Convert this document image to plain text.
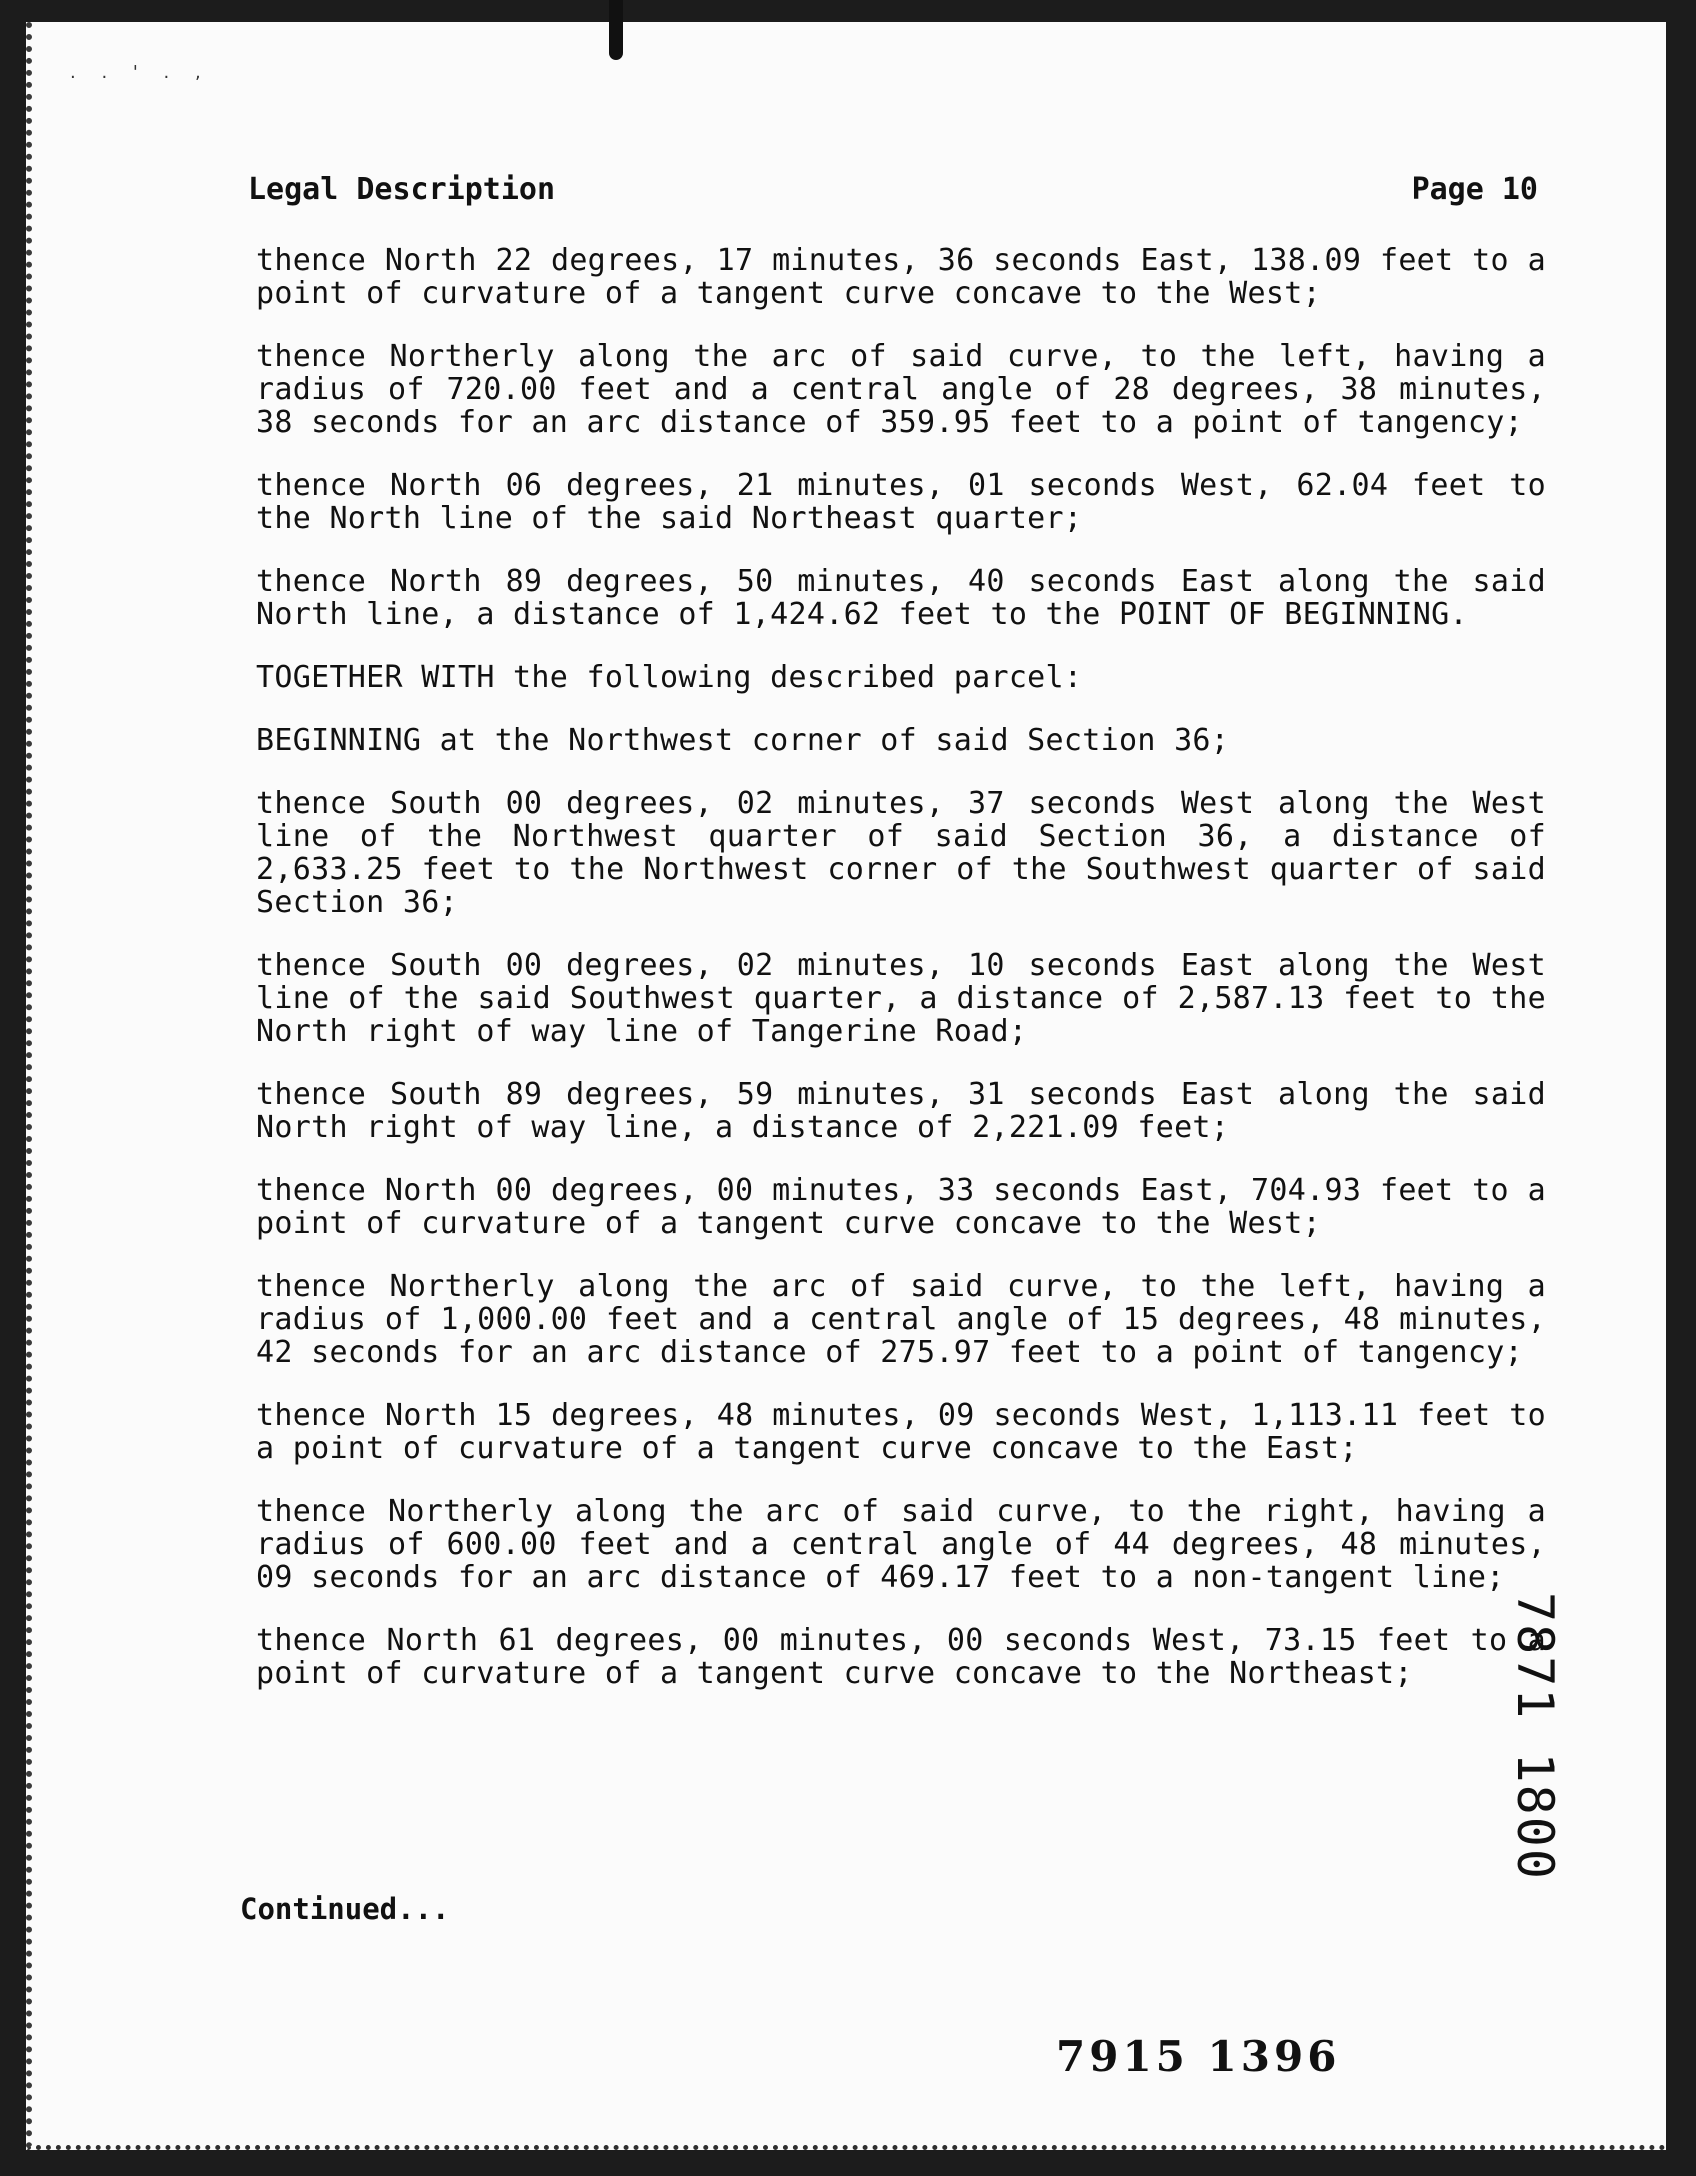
. . ' . ,
Legal Description	Page 10

thence North 22 degrees, 17 minutes, 36 seconds East, 138.09 feet to a point of curvature of a tangent curve concave to the West;

thence Northerly along the arc of said curve, to the left, having a radius of 720.00 feet and a central angle of 28 degrees, 38 minutes, 38 seconds for an arc distance of 359.95 feet to a point of tangency;

thence North 06 degrees, 21 minutes, 01 seconds West, 62.04 feet to the North line of the said Northeast quarter;

thence North 89 degrees, 50 minutes, 40 seconds East along the said North line, a distance of 1,424.62 feet to the POINT OF BEGINNING.

TOGETHER WITH the following described parcel:

BEGINNING at the Northwest corner of said Section 36;

thence South 00 degrees, 02 minutes, 37 seconds West along the West line of the Northwest quarter of said Section 36, a distance of 2,633.25 feet to the Northwest corner of the Southwest quarter of said Section 36;

thence South 00 degrees, 02 minutes, 10 seconds East along the West line of the said Southwest quarter, a distance of 2,587.13 feet to the North right of way line of Tangerine Road;

thence South 89 degrees, 59 minutes, 31 seconds East along the said North right of way line, a distance of 2,221.09 feet;

thence North 00 degrees, 00 minutes, 33 seconds East, 704.93 feet to a point of curvature of a tangent curve concave to the West;

thence Northerly along the arc of said curve, to the left, having a radius of 1,000.00 feet and a central angle of 15 degrees, 48 minutes, 42 seconds for an arc distance of 275.97 feet to a point of tangency;

thence North 15 degrees, 48 minutes, 09 seconds West, 1,113.11 feet to a point of curvature of a tangent curve concave to the East;

thence Northerly along the arc of said curve, to the right, having a radius of 600.00 feet and a central angle of 44 degrees, 48 minutes, 09 seconds for an arc distance of 469.17 feet to a non-tangent line;

thence North 61 degrees, 00 minutes, 00 seconds West, 73.15 feet to a point of curvature of a tangent curve concave to the Northeast;

Continued...
7915 1396
7871 1800
